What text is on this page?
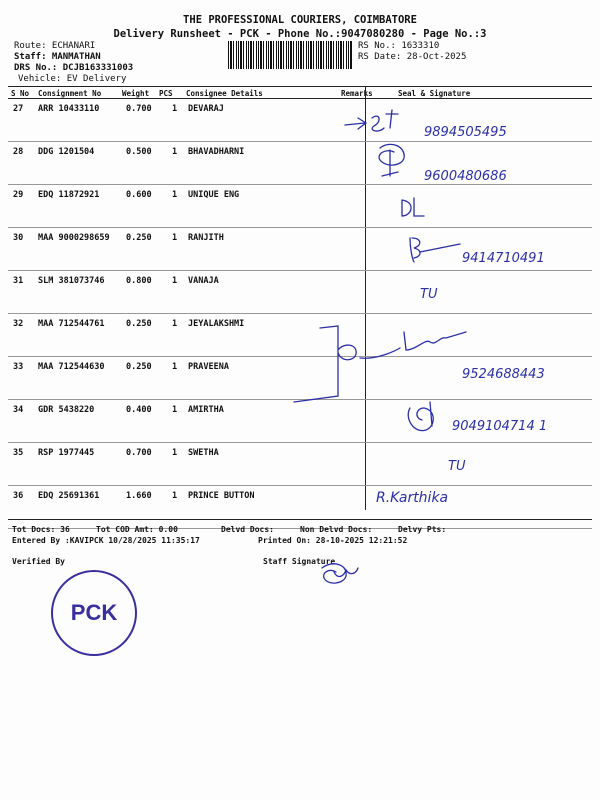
THE PROFESSIONAL COURIERS, COIMBATORE
Delivery Runsheet - PCK - Phone No.:9047080280 - Page No.:3
Route: ECHANARI
Staff: MANMATHAN
DRS No.: DCJB163331003
Vehicle: EV Delivery
RS No.: 1633310
RS Date: 28-Oct-2025
S No Consignment No	Weight PCS Consignee Details	Remarks	Seal & Signature
27 ARR 10433110	0.700 1 DEVARAJ
28 DDG 1201504	0.500 1 BHAVADHARNI
29 EDQ 11872921	0.600 1 UNIQUE ENG
30 MAA 9000298659 0.250 1 RANJITH
31 SLM 381073746	0.800 1 VANAJA
32 MAA 712544761	0.250 1 JEYALAKSHMI
33 MAA 712544630	0.250 1 PRAVEENA
34 GDR 5438220	0.400 1 AMIRTHA
35 RSP 1977445	0.700 1 SWETHA
36 EDQ 25691361	1.660 1 PRINCE BUTTON
Tot Docs: 36	Tot COD Amt: 0.00	Delvd Docs:	Non Delvd Docs:	Delvy Pts:
Entered By :KAVIPCK 10/28/2025 11:35:17	Printed On: 28-10-2025 12:21:52
Verified By	Staff Signature
PCK
9894505495
9600480686
9414710491
TU
9524688443
9049104714 1
TU
R.Karthika
